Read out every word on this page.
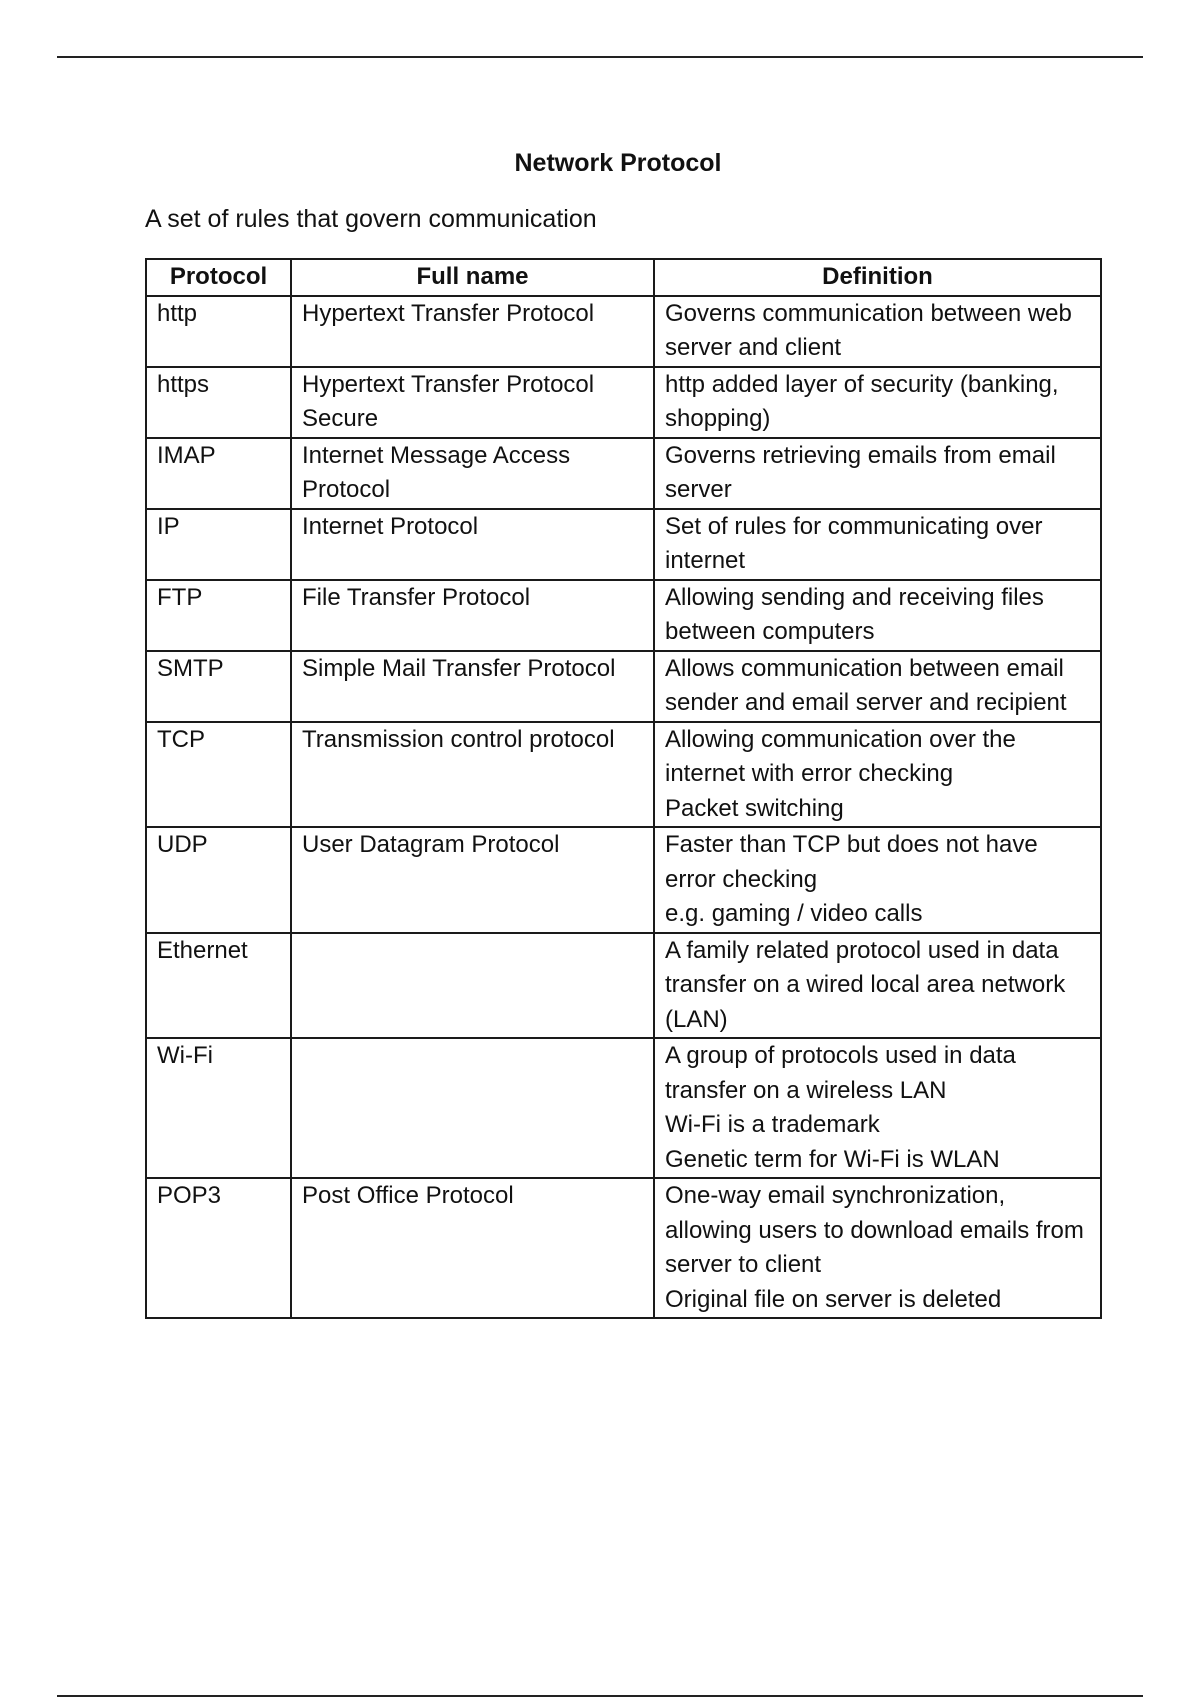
Network Protocol
A set of rules that govern communication
Protocol	Full name	Definition
http	Hypertext Transfer Protocol	Governs communication between web server and client
https	Hypertext Transfer Protocol Secure	http added layer of security (banking, shopping)
IMAP	Internet Message Access Protocol	Governs retrieving emails from email server
IP	Internet Protocol	Set of rules for communicating over internet
FTP	File Transfer Protocol	Allowing sending and receiving files between computers
SMTP	Simple Mail Transfer Protocol	Allows communication between email sender and email server and recipient
TCP	Transmission control protocol	Allowing communication over the internet with error checking
Packet switching
UDP	User Datagram Protocol	Faster than TCP but does not have error checking
e.g. gaming / video calls
Ethernet		A family related protocol used in data transfer on a wired local area network (LAN)
Wi-Fi		A group of protocols used in data transfer on a wireless LAN
Wi-Fi is a trademark
Genetic term for Wi-Fi is WLAN
POP3	Post Office Protocol	One-way email synchronization, allowing users to download emails from server to client
Original file on server is deleted
